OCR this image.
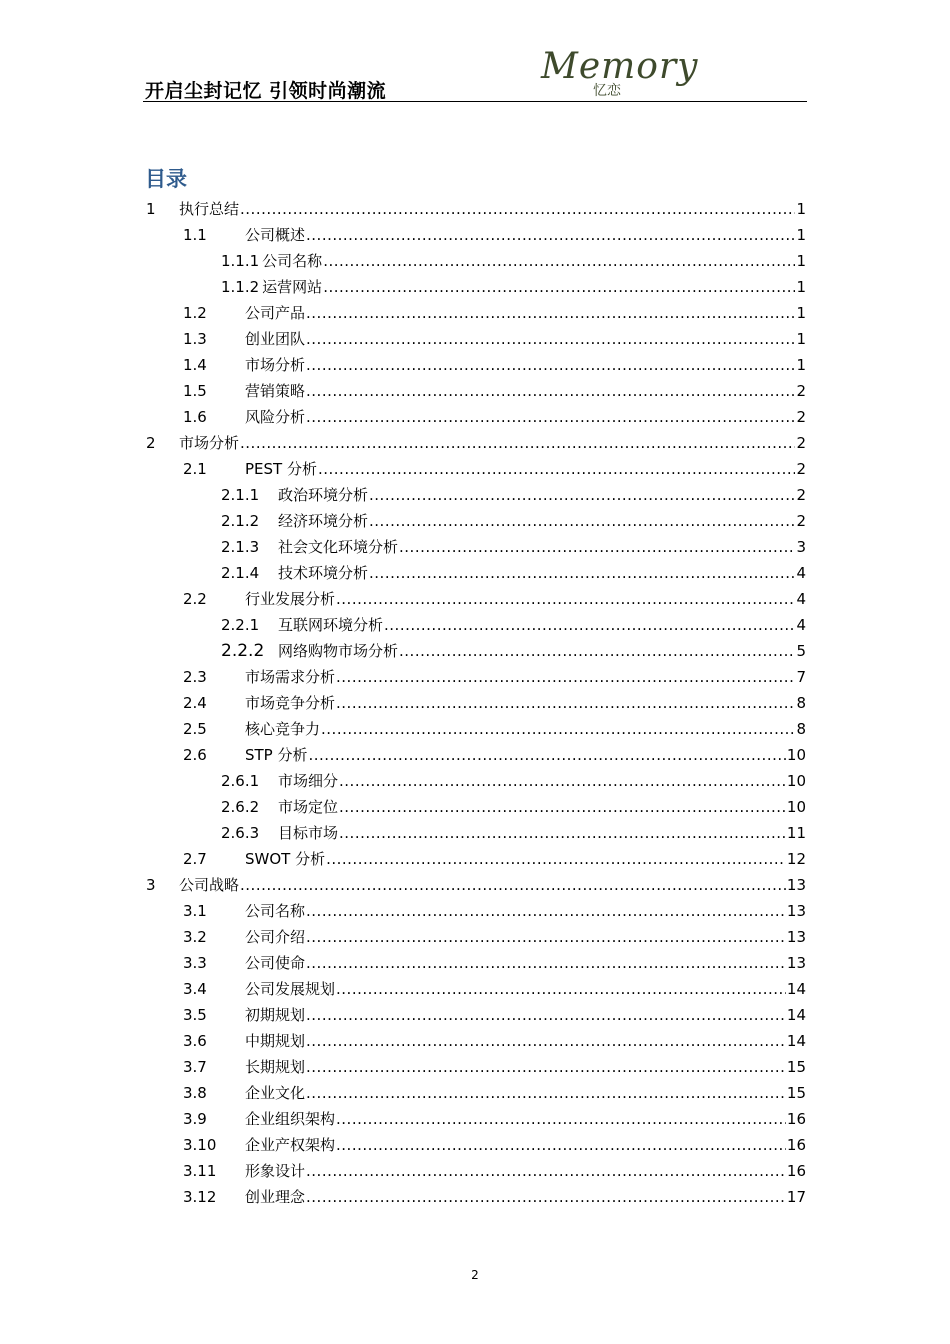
开启尘封记忆 引领时尚潮流
Memory
忆恋
目录
1	执行总结 .....	1
1.1	公司概述 .....	1
1.1.1 公司名称 .....	1
1.1.2 运营网站 .....	1
1.2	公司产品 .....	1
1.3	创业团队 .....	1
1.4	市场分析 .....	1
1.5	营销策略 .....	2
1.6	风险分析 .....	2
2	市场分析 .....	2
2.1	PEST 分析 .....	2
2.1.1	政治环境分析 .....	2
2.1.2	经济环境分析 .....	2
2.1.3	社会文化环境分析 .....	3
2.1.4	技术环境分析 .....	4
2.2	行业发展分析 .....	4
2.2.1	互联网环境分析 .....	4
2.2.2 网络购物市场分析 .....	5
2.3	市场需求分析 .....	7
2.4	市场竞争分析 .....	8
2.5	核心竞争力 .....	8
2.6	STP 分析 .....	10
2.6.1	市场细分 .....	10
2.6.2	市场定位 .....	10
2.6.3	目标市场 .....	11
2.7	SWOT 分析 .....	12
3	公司战略 .....	13
3.1	公司名称 .....	13
3.2	公司介绍 .....	13
3.3	公司使命 .....	13
3.4	公司发展规划 .....	14
3.5	初期规划 .....	14
3.6	中期规划 .....	14
3.7	长期规划 .....	15
3.8	企业文化 .....	15
3.9	企业组织架构 .....	16
3.10	企业产权架构 .....	16
3.11	形象设计 .....	16
3.12	创业理念 .....	17
2
